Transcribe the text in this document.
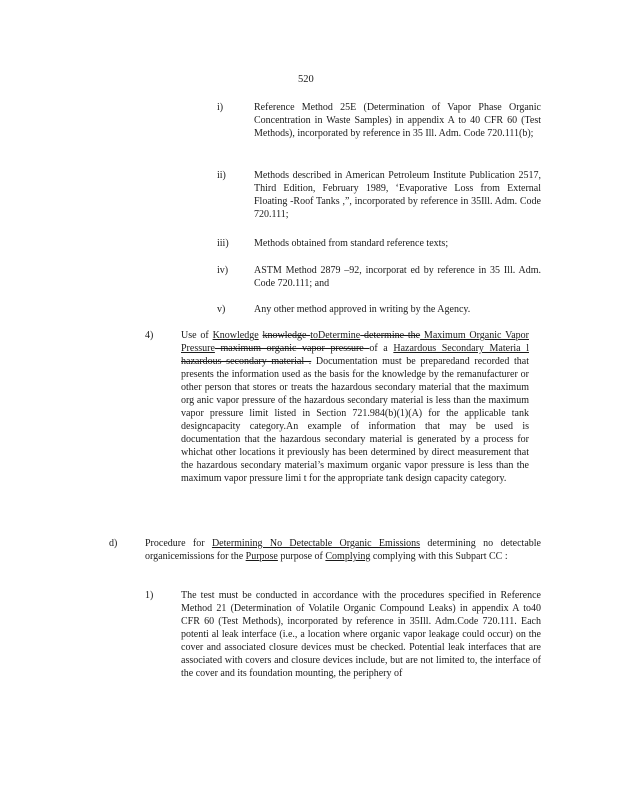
520
i)	Reference Method 25E (Determination of Vapor Phase Organic Concentration in Waste Samples) in appendix A to 40 CFR 60 (Test Methods), incorporated by reference in 35 Ill. Adm. Code 720.111(b);
ii)	Methods described in American Petroleum Institute Publication 2517, Third Edition, February 1989, ‘Evaporative Loss from External Floating -Roof Tanks ,”, incorporated by reference in 35Ill. Adm. Code 720.111;
iii)	Methods obtained from standard reference texts;
iv)	ASTM Method 2879 –92, incorporat ed by reference in 35 Ill. Adm. Code 720.111; and
v)	Any other method approved in writing by the Agency.
4)	Use of Knowledge knowledge toDetermine determine the Maximum Organic Vapor Pressure maximum organic vapor pressure of a Hazardous Secondary Materia l hazardous secondary material . Documentation must be preparedand recorded that presents the information used as the basis for the knowledge by the remanufacturer or other person that stores or treats the hazardous secondary material that the maximum org anic vapor pressure of the hazardous secondary material is less than the maximum vapor pressure limit listed in Section 721.984(b)(1)(A) for the applicable tank designcapacity category.An example of information that may be used is documentation that the hazardous secondary material is generated by a process for whichat other locations it previously has been determined by direct measurement that the hazardous secondary material’s maximum organic vapor pressure is less than the maximum vapor pressure limi t for the appropriate tank design capacity category.
d)	Procedure for Determining No Detectable Organic Emissions determining no detectable organicemissions for the Purpose purpose of Complying complying with this Subpart CC :
1)	The test must be conducted in accordance with the procedures specified in Reference Method 21 (Determination of Volatile Organic Compound Leaks) in appendix A to40 CFR 60 (Test Methods), incorporated by reference in 35Ill. Adm.Code 720.111. Each potenti al leak interface (i.e., a location where organic vapor leakage could occur) on the cover and associated closure devices must be checked. Potential leak interfaces that are associated with covers and closure devices include, but are not limited to, the interface of the cover and its foundation mounting, the periphery of
